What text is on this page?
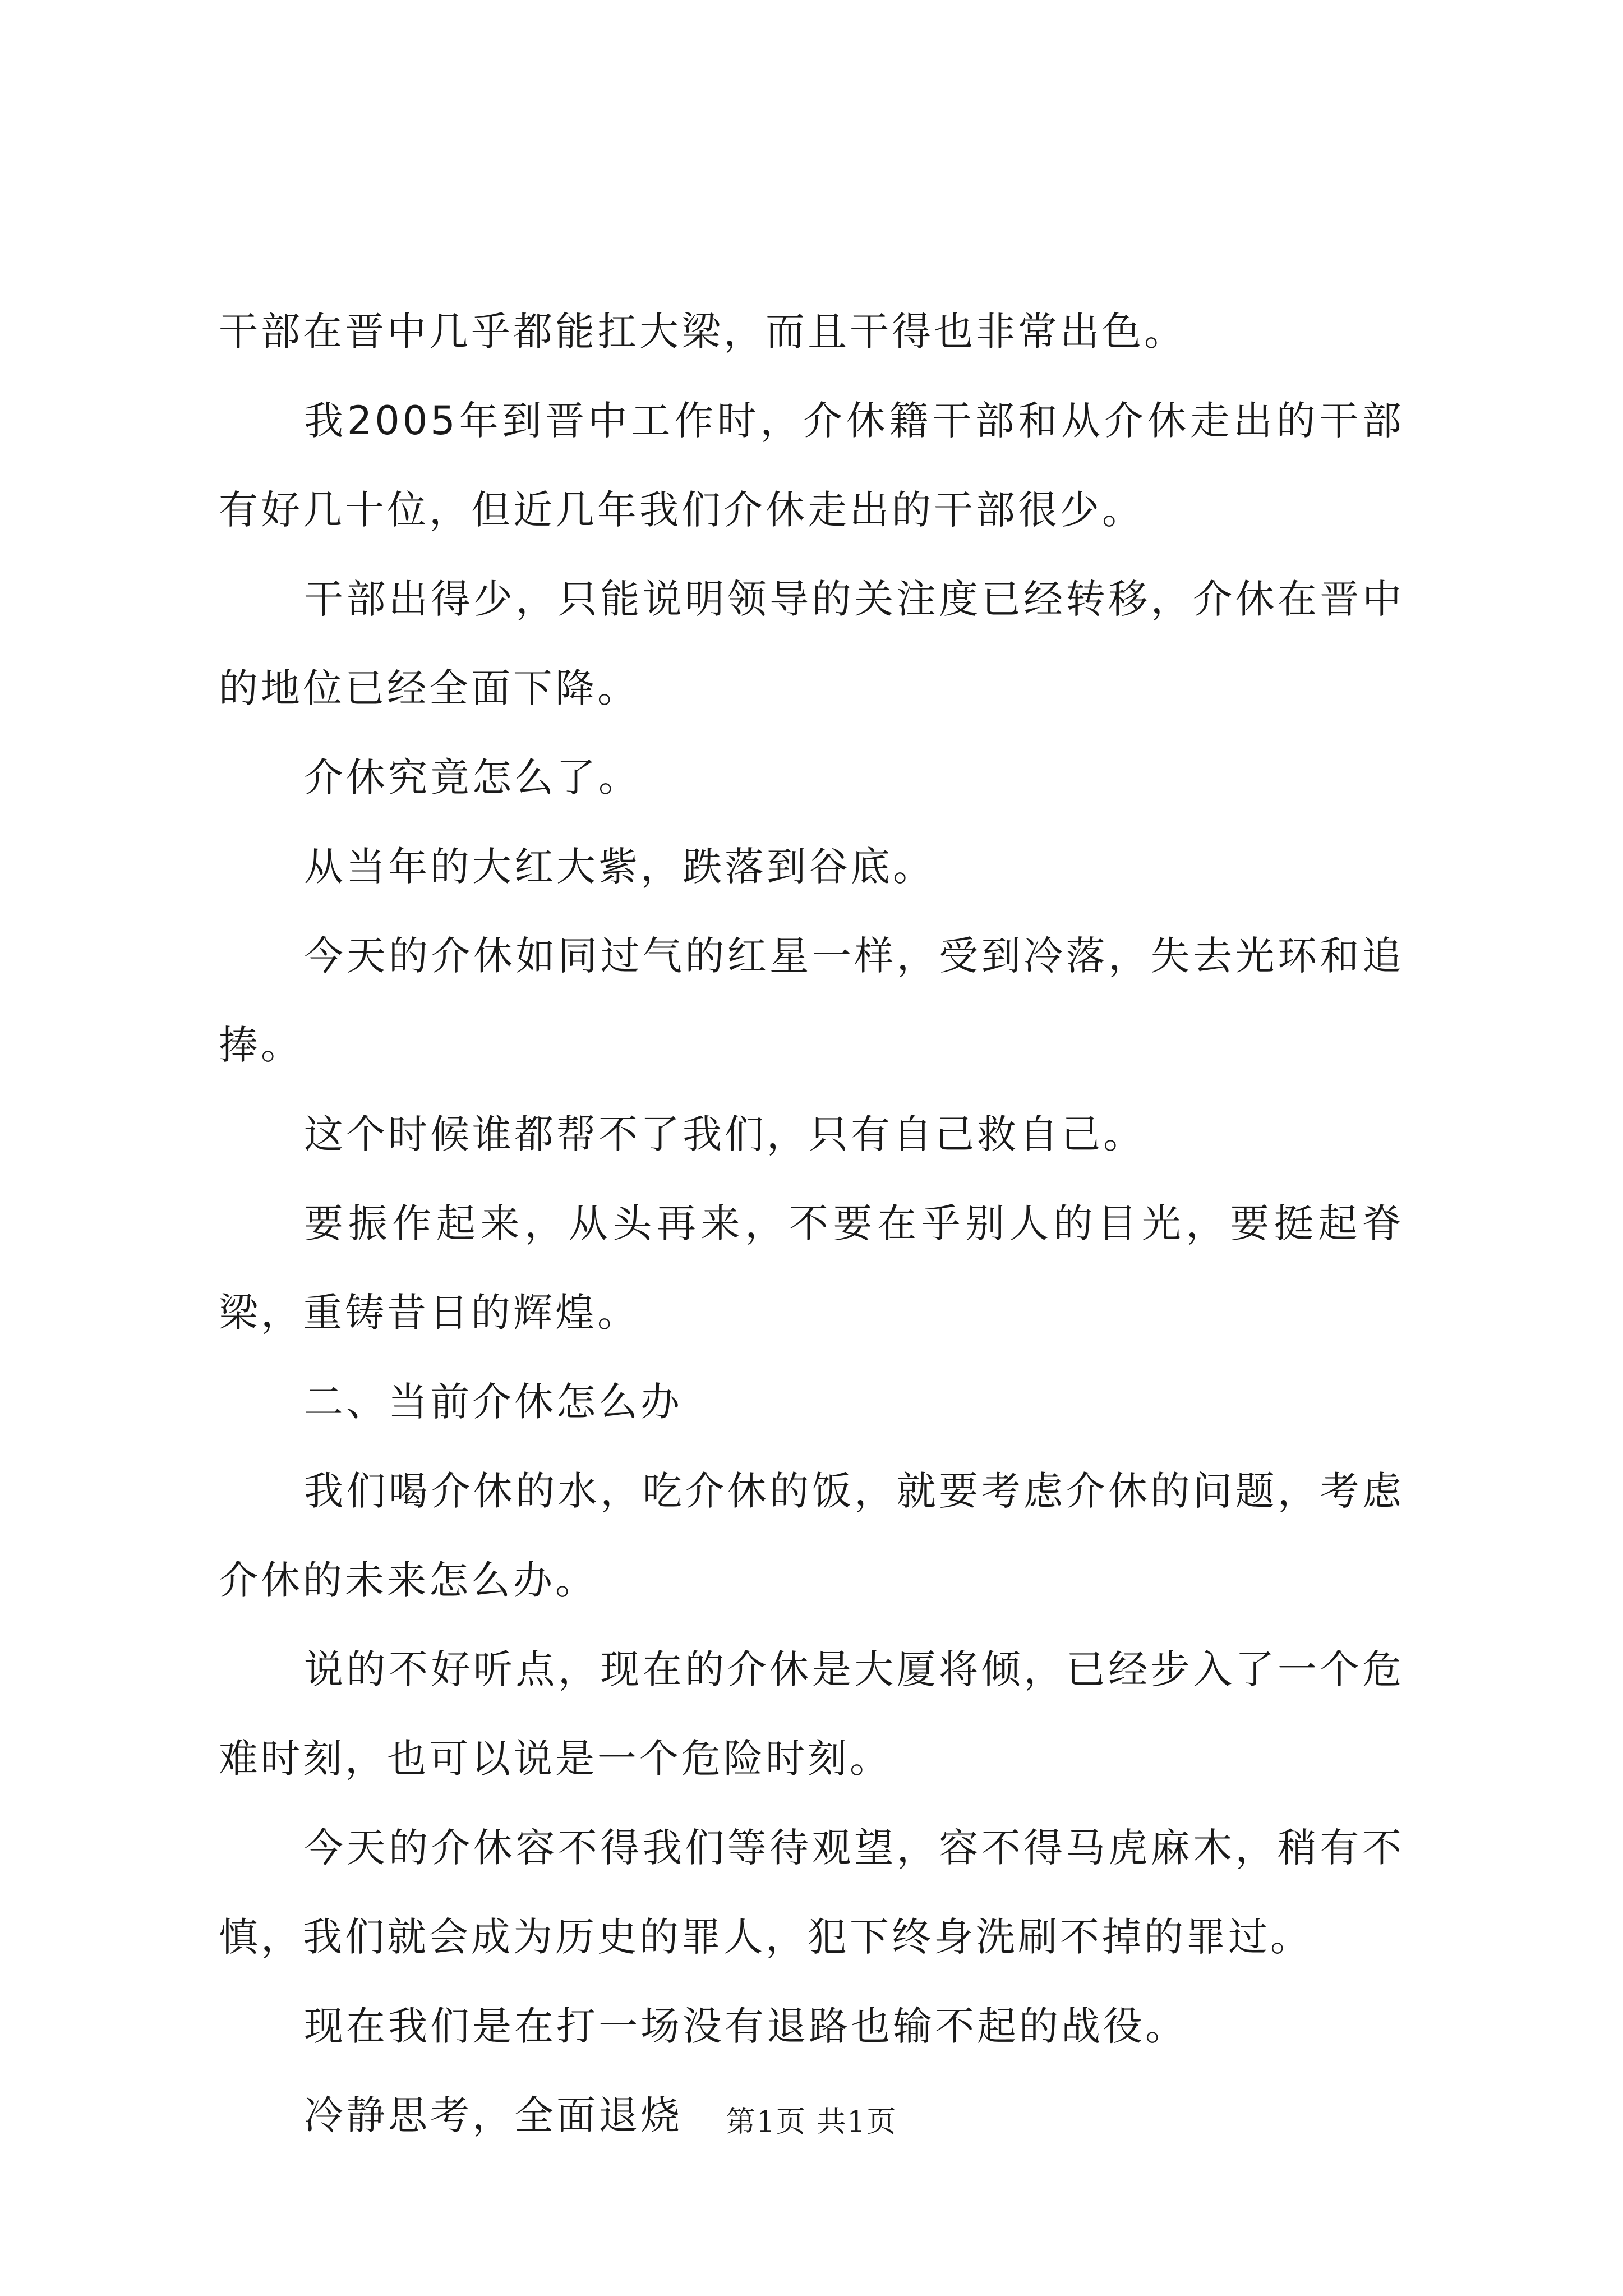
干部在晋中几乎都能扛大梁，而且干得也非常出色。

我2005年到晋中工作时，介休籍干部和从介休走出的干部有好几十位，但近几年我们介休走出的干部很少。

干部出得少，只能说明领导的关注度已经转移，介休在晋中的地位已经全面下降。

介休究竟怎么了。

从当年的大红大紫，跌落到谷底。

今天的介休如同过气的红星一样，受到冷落，失去光环和追捧。

这个时候谁都帮不了我们，只有自己救自己。

要振作起来，从头再来，不要在乎别人的目光，要挺起脊梁，重铸昔日的辉煌。

二、当前介休怎么办

我们喝介休的水，吃介休的饭，就要考虑介休的问题，考虑介休的未来怎么办。

说的不好听点，现在的介休是大厦将倾，已经步入了一个危难时刻，也可以说是一个危险时刻。

今天的介休容不得我们等待观望，容不得马虎麻木，稍有不慎，我们就会成为历史的罪人，犯下终身洗刷不掉的罪过。

现在我们是在打一场没有退路也输不起的战役。

冷静思考，全面退烧	第1页 共1页
